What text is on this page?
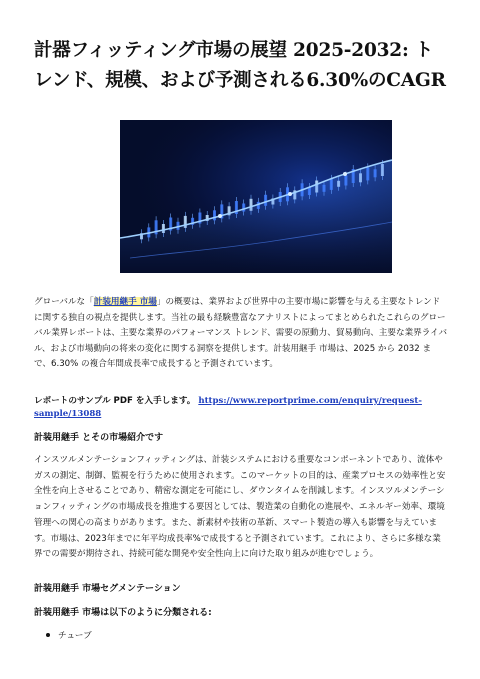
計器フィッティング市場の展望 2025-2032: トレンド、規模、および予測される6.30%のCAGR

グローバルな「計装用継手 市場」の概要は、業界および世界中の主要市場に影響を与える主要なトレンドに関する独自の視点を提供します。当社の最も経験豊富なアナリストによってまとめられたこれらのグローバル業界レポートは、主要な業界のパフォーマンス トレンド、需要の原動力、貿易動向、主要な業界ライバル、および市場動向の将来の変化に関する洞察を提供します。計装用継手 市場は、2025 から 2032 まで、6.30% の複合年間成長率で成長すると予測されています。

レポートのサンプル PDF を入手します。 https://www.reportprime.com/enquiry/request-sample/13088

計装用継手 とその市場紹介です

インスツルメンテーションフィッティングは、計装システムにおける重要なコンポーネントであり、流体やガスの測定、制御、監視を行うために使用されます。このマーケットの目的は、産業プロセスの効率性と安全性を向上させることであり、精密な測定を可能にし、ダウンタイムを削減します。インスツルメンテーションフィッティングの市場成長を推進する要因としては、製造業の自動化の進展や、エネルギー効率、環境管理への関心の高まりがあります。また、新素材や技術の革新、スマート製造の導入も影響を与えています。市場は、2023年までに年平均成長率%で成長すると予測されています。これにより、さらに多様な業界での需要が期待され、持続可能な開発や安全性向上に向けた取り組みが進むでしょう。

計装用継手 市場セグメンテーション
計装用継手 市場は以下のように分類される:
チューブ
